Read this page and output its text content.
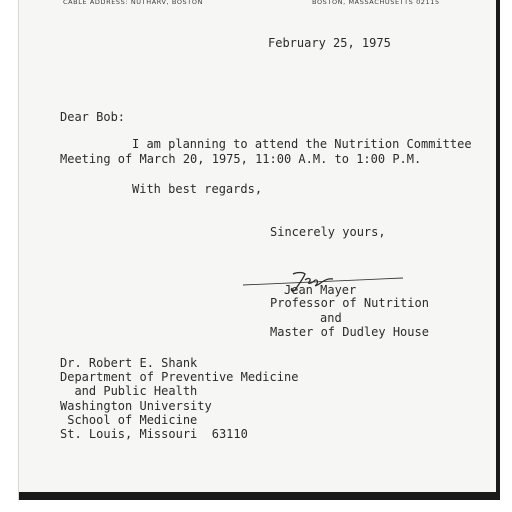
CABLE ADDRESS: NUTHARV, BOSTON	BOSTON, MASSACHUSETTS 02115
February 25, 1975
Dear Bob:
I am planning to attend the Nutrition Committee
Meeting of March 20, 1975, 11:00 A.M. to 1:00 P.M.
With best regards,
Sincerely yours,
Jean Mayer
Professor of Nutrition
and
Master of Dudley House
Dr. Robert E. Shank
Department of Preventive Medicine
and Public Health
Washington University
School of Medicine
St. Louis, Missouri  63110
